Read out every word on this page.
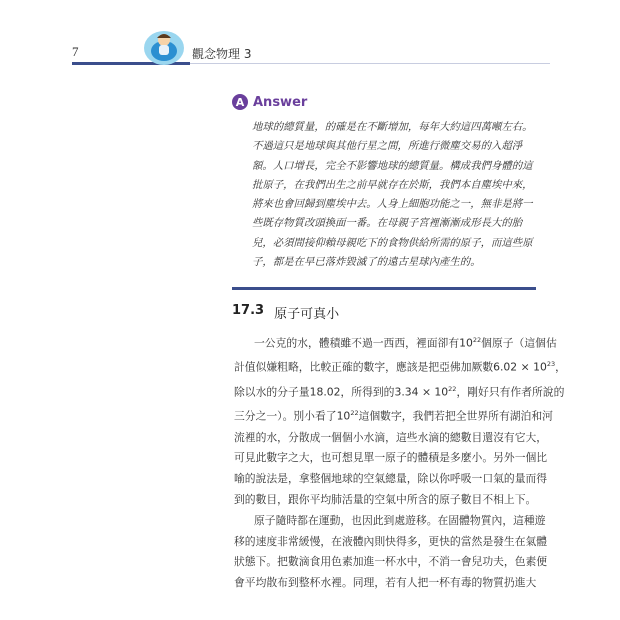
7	觀念物理 3
A Answer
地球的總質量，的確是在不斷增加，每年大約這四萬噸左右。
不過這只是地球與其他行星之間，所進行微塵交易的入超淨
額。人口增長，完全不影響地球的總質量。構成我們身體的這
批原子，在我們出生之前早就存在於斯，我們本自塵埃中來，
將來也會回歸到塵埃中去。人身上細胞功能之一，無非是將一
些既存物質改頭換面一番。在母親子宮裡漸漸成形長大的胎
兒，必須間接仰賴母親吃下的食物供給所需的原子，而這些原
子，都是在早已落炸毀滅了的遠古星球內產生的。
17.3 原子可真小
一公克的水，體積雖不過一西西，裡面卻有$10^{22}$個原子（這個估
計值似嫌粗略，比較正確的數字，應該是把亞佛加厥數$6.02 \times 10^{23}$，
除以水的分子量18.02，所得到的$3.34 \times 10^{22}$，剛好只有作者所說的
三分之一）。別小看了$10^{22}$這個數字，我們若把全世界所有湖泊和河
流裡的水，分散成一個個小水滴，這些水滴的總數目還沒有它大，
可見此數字之大，也可想見單一原子的體積是多麼小。另外一個比
喻的說法是，拿整個地球的空氣總量，除以你呼吸一口氣的量而得
到的數目，跟你平均肺活量的空氣中所含的原子數目不相上下。
原子隨時都在運動，也因此到處遊移。在固體物質內，這種遊
移的速度非常緩慢，在液體內則快得多，更快的當然是發生在氣體
狀態下。把數滴食用色素加進一杯水中，不消一會兒功夫，色素便
會平均散布到整杯水裡。同理，若有人把一杯有毒的物質扔進大
